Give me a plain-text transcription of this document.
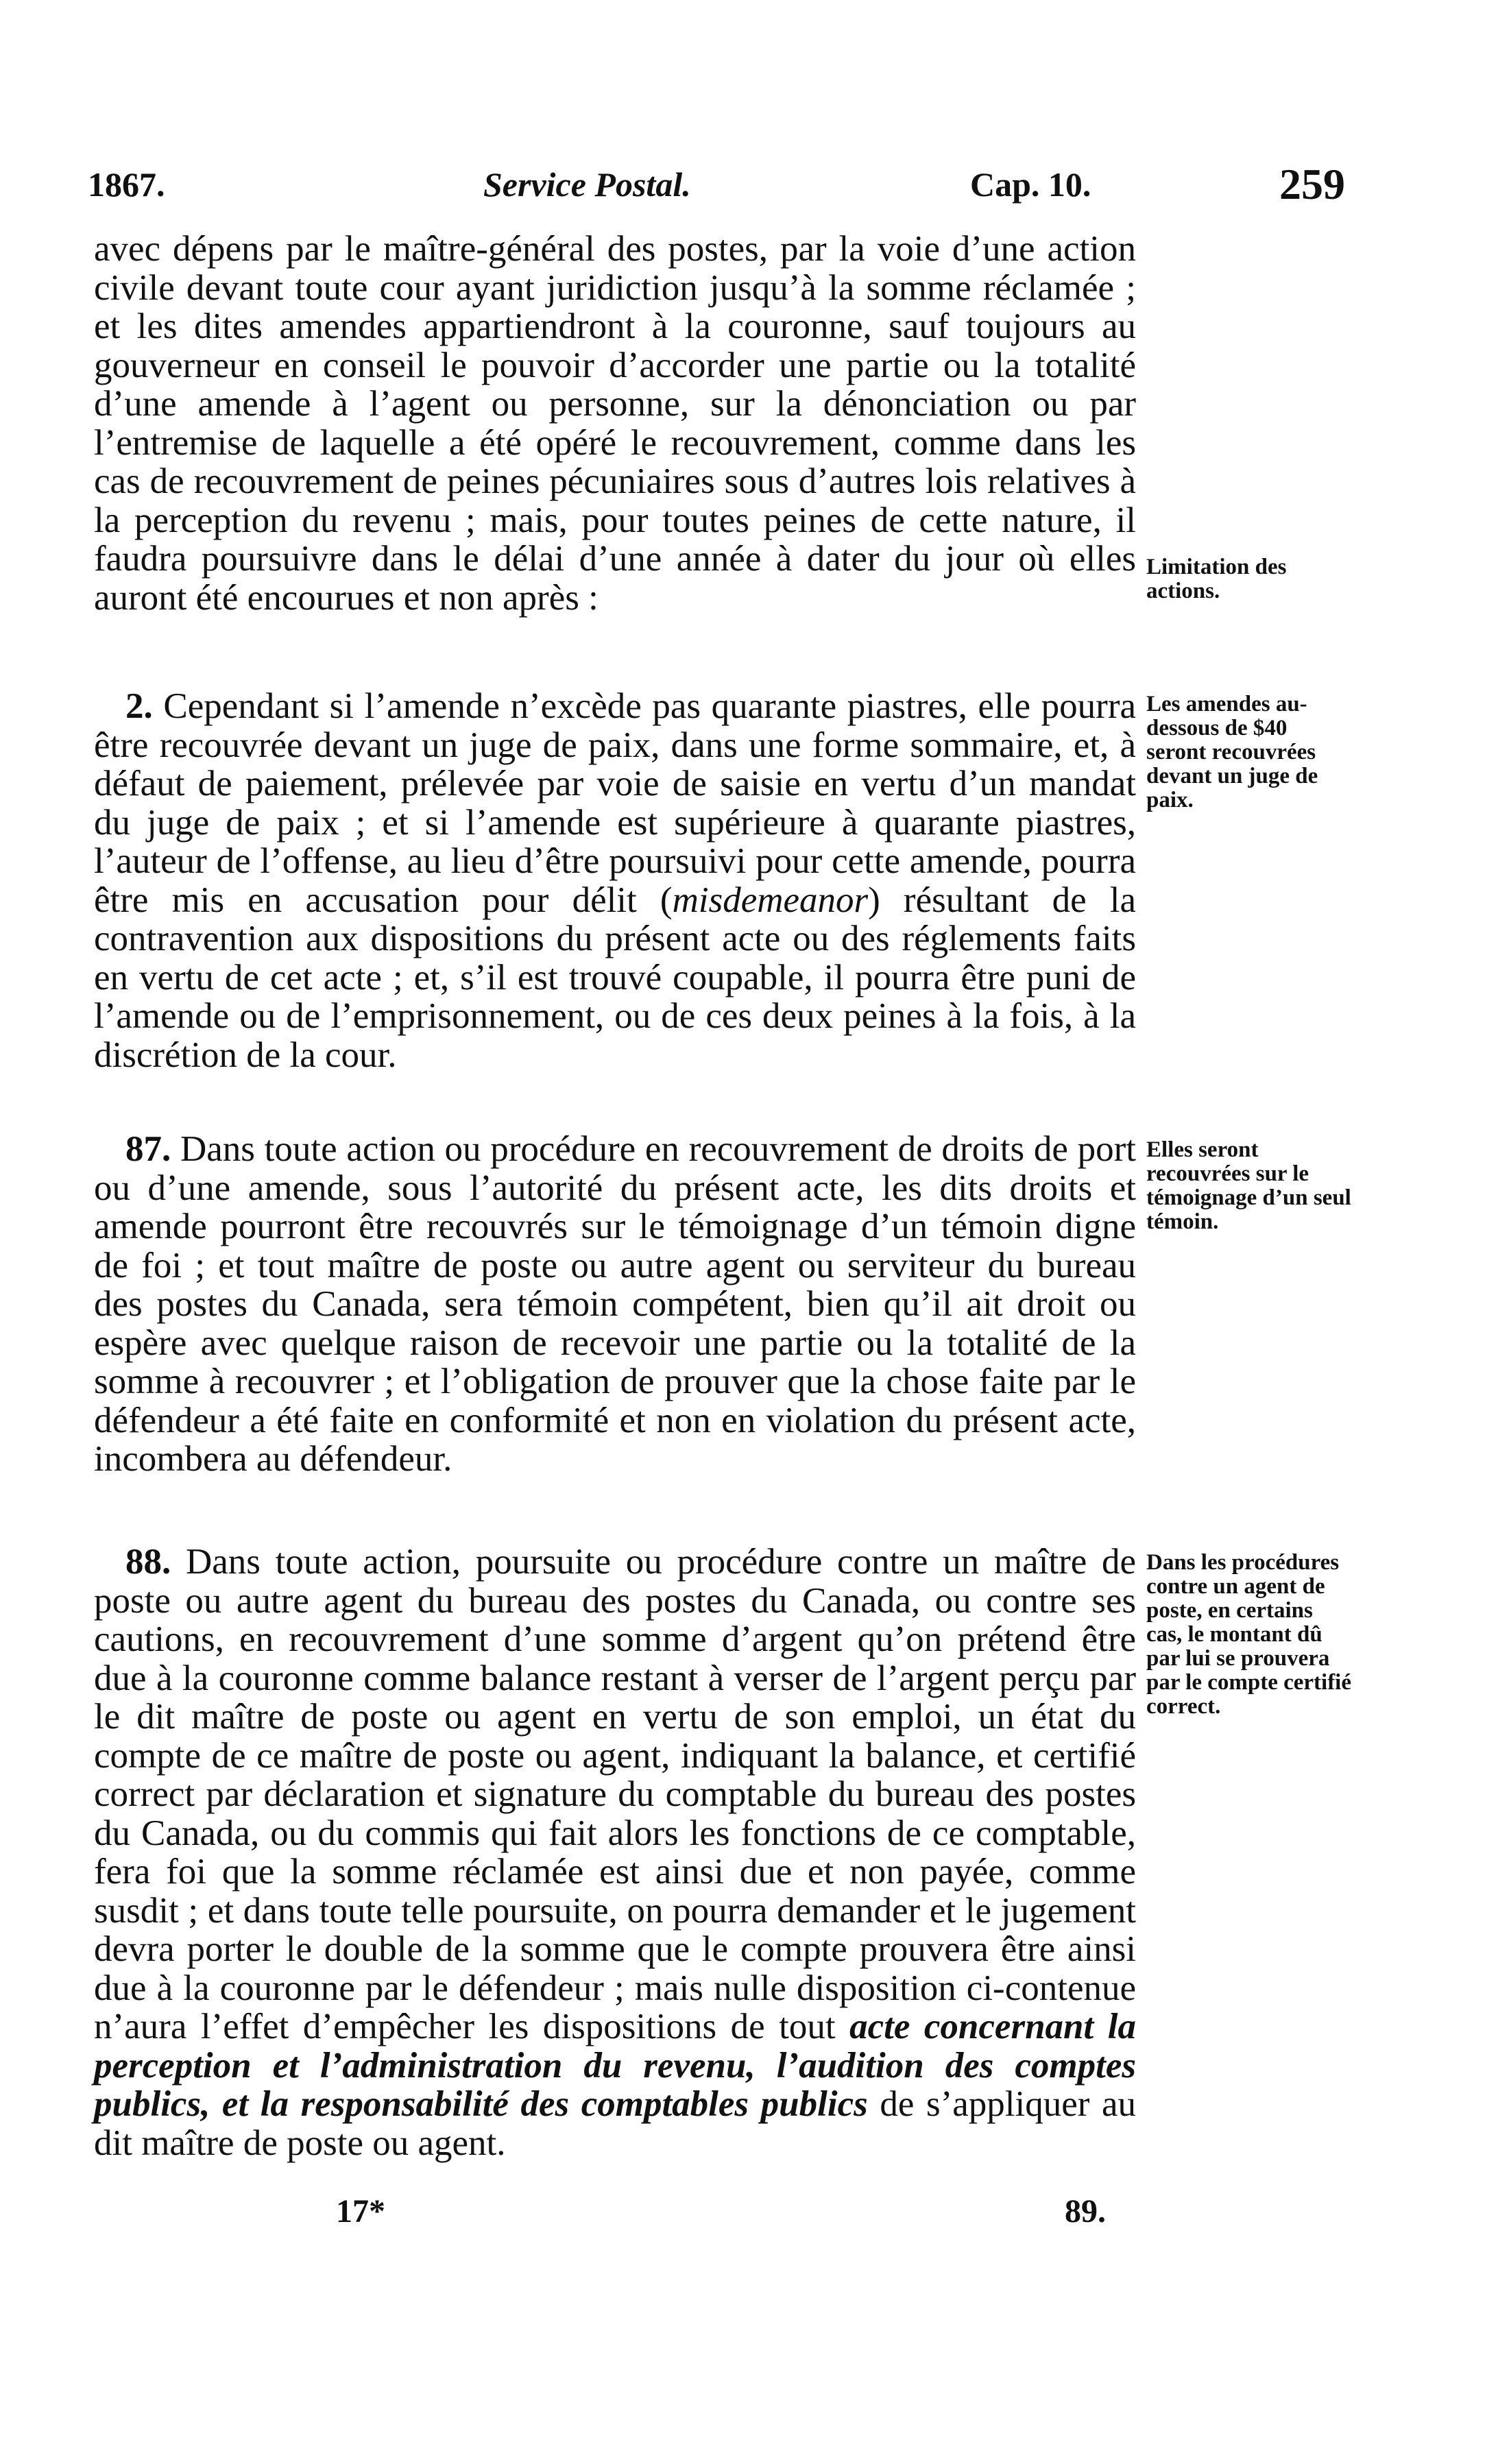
1867.	Service Postal.	Cap. 10.	259

avec dépens par le maître-général des postes, par la voie d’une action civile devant toute cour ayant juridiction jusqu’à la somme réclamée ; et les dites amendes appartiendront à la couronne, sauf toujours au gouverneur en conseil le pouvoir d’accorder une partie ou la totalité d’une amende à l’agent ou personne, sur la dénonciation ou par l’entremise de laquelle a été opéré le recouvrement, comme dans les cas de recouvrement de peines pécuniaires sous d’autres lois relatives à la perception du revenu ; mais, pour toutes peines de cette nature, il faudra poursuivre dans le délai d’une année à dater du jour où elles auront été encourues et non après :

2. Cependant si l’amende n’excède pas quarante piastres, elle pourra être recouvrée devant un juge de paix, dans une forme sommaire, et, à défaut de paiement, prélevée par voie de saisie en vertu d’un mandat du juge de paix ; et si l’amende est supérieure à quarante piastres, l’auteur de l’offense, au lieu d’être poursuivi pour cette amende, pourra être mis en accusation pour délit (misdemeanor) résultant de la contravention aux dispositions du présent acte ou des réglements faits en vertu de cet acte ; et, s’il est trouvé coupable, il pourra être puni de l’amende ou de l’emprisonnement, ou de ces deux peines à la fois, à la discrétion de la cour.

87. Dans toute action ou procédure en recouvrement de droits de port ou d’une amende, sous l’autorité du présent acte, les dits droits et amende pourront être recouvrés sur le témoignage d’un témoin digne de foi ; et tout maître de poste ou autre agent ou serviteur du bureau des postes du Canada, sera témoin compétent, bien qu’il ait droit ou espère avec quelque raison de recevoir une partie ou la totalité de la somme à recouvrer ; et l’obligation de prouver que la chose faite par le défendeur a été faite en conformité et non en violation du présent acte, incombera au défendeur.

88. Dans toute action, poursuite ou procédure contre un maître de poste ou autre agent du bureau des postes du Canada, ou contre ses cautions, en recouvrement d’une somme d’argent qu’on prétend être due à la couronne comme balance restant à verser de l’argent perçu par le dit maître de poste ou agent en vertu de son emploi, un état du compte de ce maître de poste ou agent, indiquant la balance, et certifié correct par déclaration et signature du comptable du bureau des postes du Canada, ou du commis qui fait alors les fonctions de ce comptable, fera foi que la somme réclamée est ainsi due et non payée, comme susdit ; et dans toute telle poursuite, on pourra demander et le jugement devra porter le double de la somme que le compte prouvera être ainsi due à la couronne par le défendeur ; mais nulle disposition ci-contenue n’aura l’effet d’empêcher les dispositions de tout acte concernant la perception et l’administration du revenu, l’audition des comptes publics, et la responsabilité des comptables publics de s’appliquer au dit maître de poste ou agent.

Limitation des actions.
Les amendes au-dessous de $40 seront recouvrées devant un juge de paix.
Elles seront recouvrées sur le témoignage d’un seul témoin.
Dans les procédures contre un agent de poste, en certains cas, le montant dû par lui se prouvera par le compte certifié correct.
17*	89.
